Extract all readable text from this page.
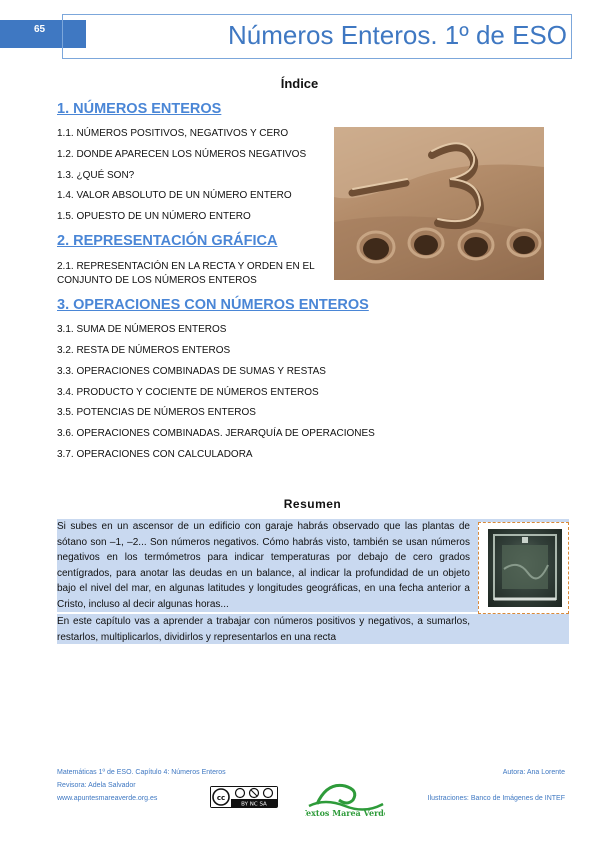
65	Números Enteros. 1º de ESO
Índice
1. NÚMEROS ENTEROS
1.1. NÚMEROS POSITIVOS, NEGATIVOS Y CERO
1.2. DONDE APARECEN LOS NÚMEROS NEGATIVOS
1.3. ¿QUÉ SON?
1.4. VALOR ABSOLUTO DE UN NÚMERO ENTERO
1.5. OPUESTO DE UN NÚMERO ENTERO
2. REPRESENTACIÓN GRÁFICA
2.1. REPRESENTACIÓN EN LA RECTA Y ORDEN EN EL CONJUNTO DE LOS NÚMEROS ENTEROS
3. OPERACIONES CON NÚMEROS ENTEROS
3.1. SUMA DE NÚMEROS ENTEROS
3.2. RESTA DE NÚMEROS ENTEROS
3.3. OPERACIONES COMBINADAS DE SUMAS Y RESTAS
3.4. PRODUCTO Y COCIENTE DE NÚMEROS ENTEROS
3.5. POTENCIAS DE NÚMEROS ENTEROS
3.6. OPERACIONES COMBINADAS. JERARQUÍA DE OPERACIONES
3.7. OPERACIONES CON CALCULADORA
Resumen

Si subes en un ascensor de un edificio con garaje habrás observado que las plantas de sótano son –1, –2... Son números negativos. Cómo habrás visto, también se usan números negativos en los termómetros para indicar temperaturas por debajo de cero grados centígrados, para anotar las deudas en un balance, al indicar la profundidad de un objeto bajo el nivel del mar, en algunas latitudes y longitudes geográficas, en una fecha anterior a Cristo, incluso al decir algunas horas...

En este capítulo vas a aprender a trabajar con números positivos y negativos, a sumarlos, restarlos, multiplicarlos, dividirlos y representarlos en una recta

Matemáticas 1º de ESO. Capítulo 4: Números Enteros
Revisora: Adela Salvador
www.apuntesmareaverde.org.es
Autora: Ana Lorente
Ilustraciones: Banco de Imágenes de INTEF
cc
BY NC SA
Textos Marea Verde
